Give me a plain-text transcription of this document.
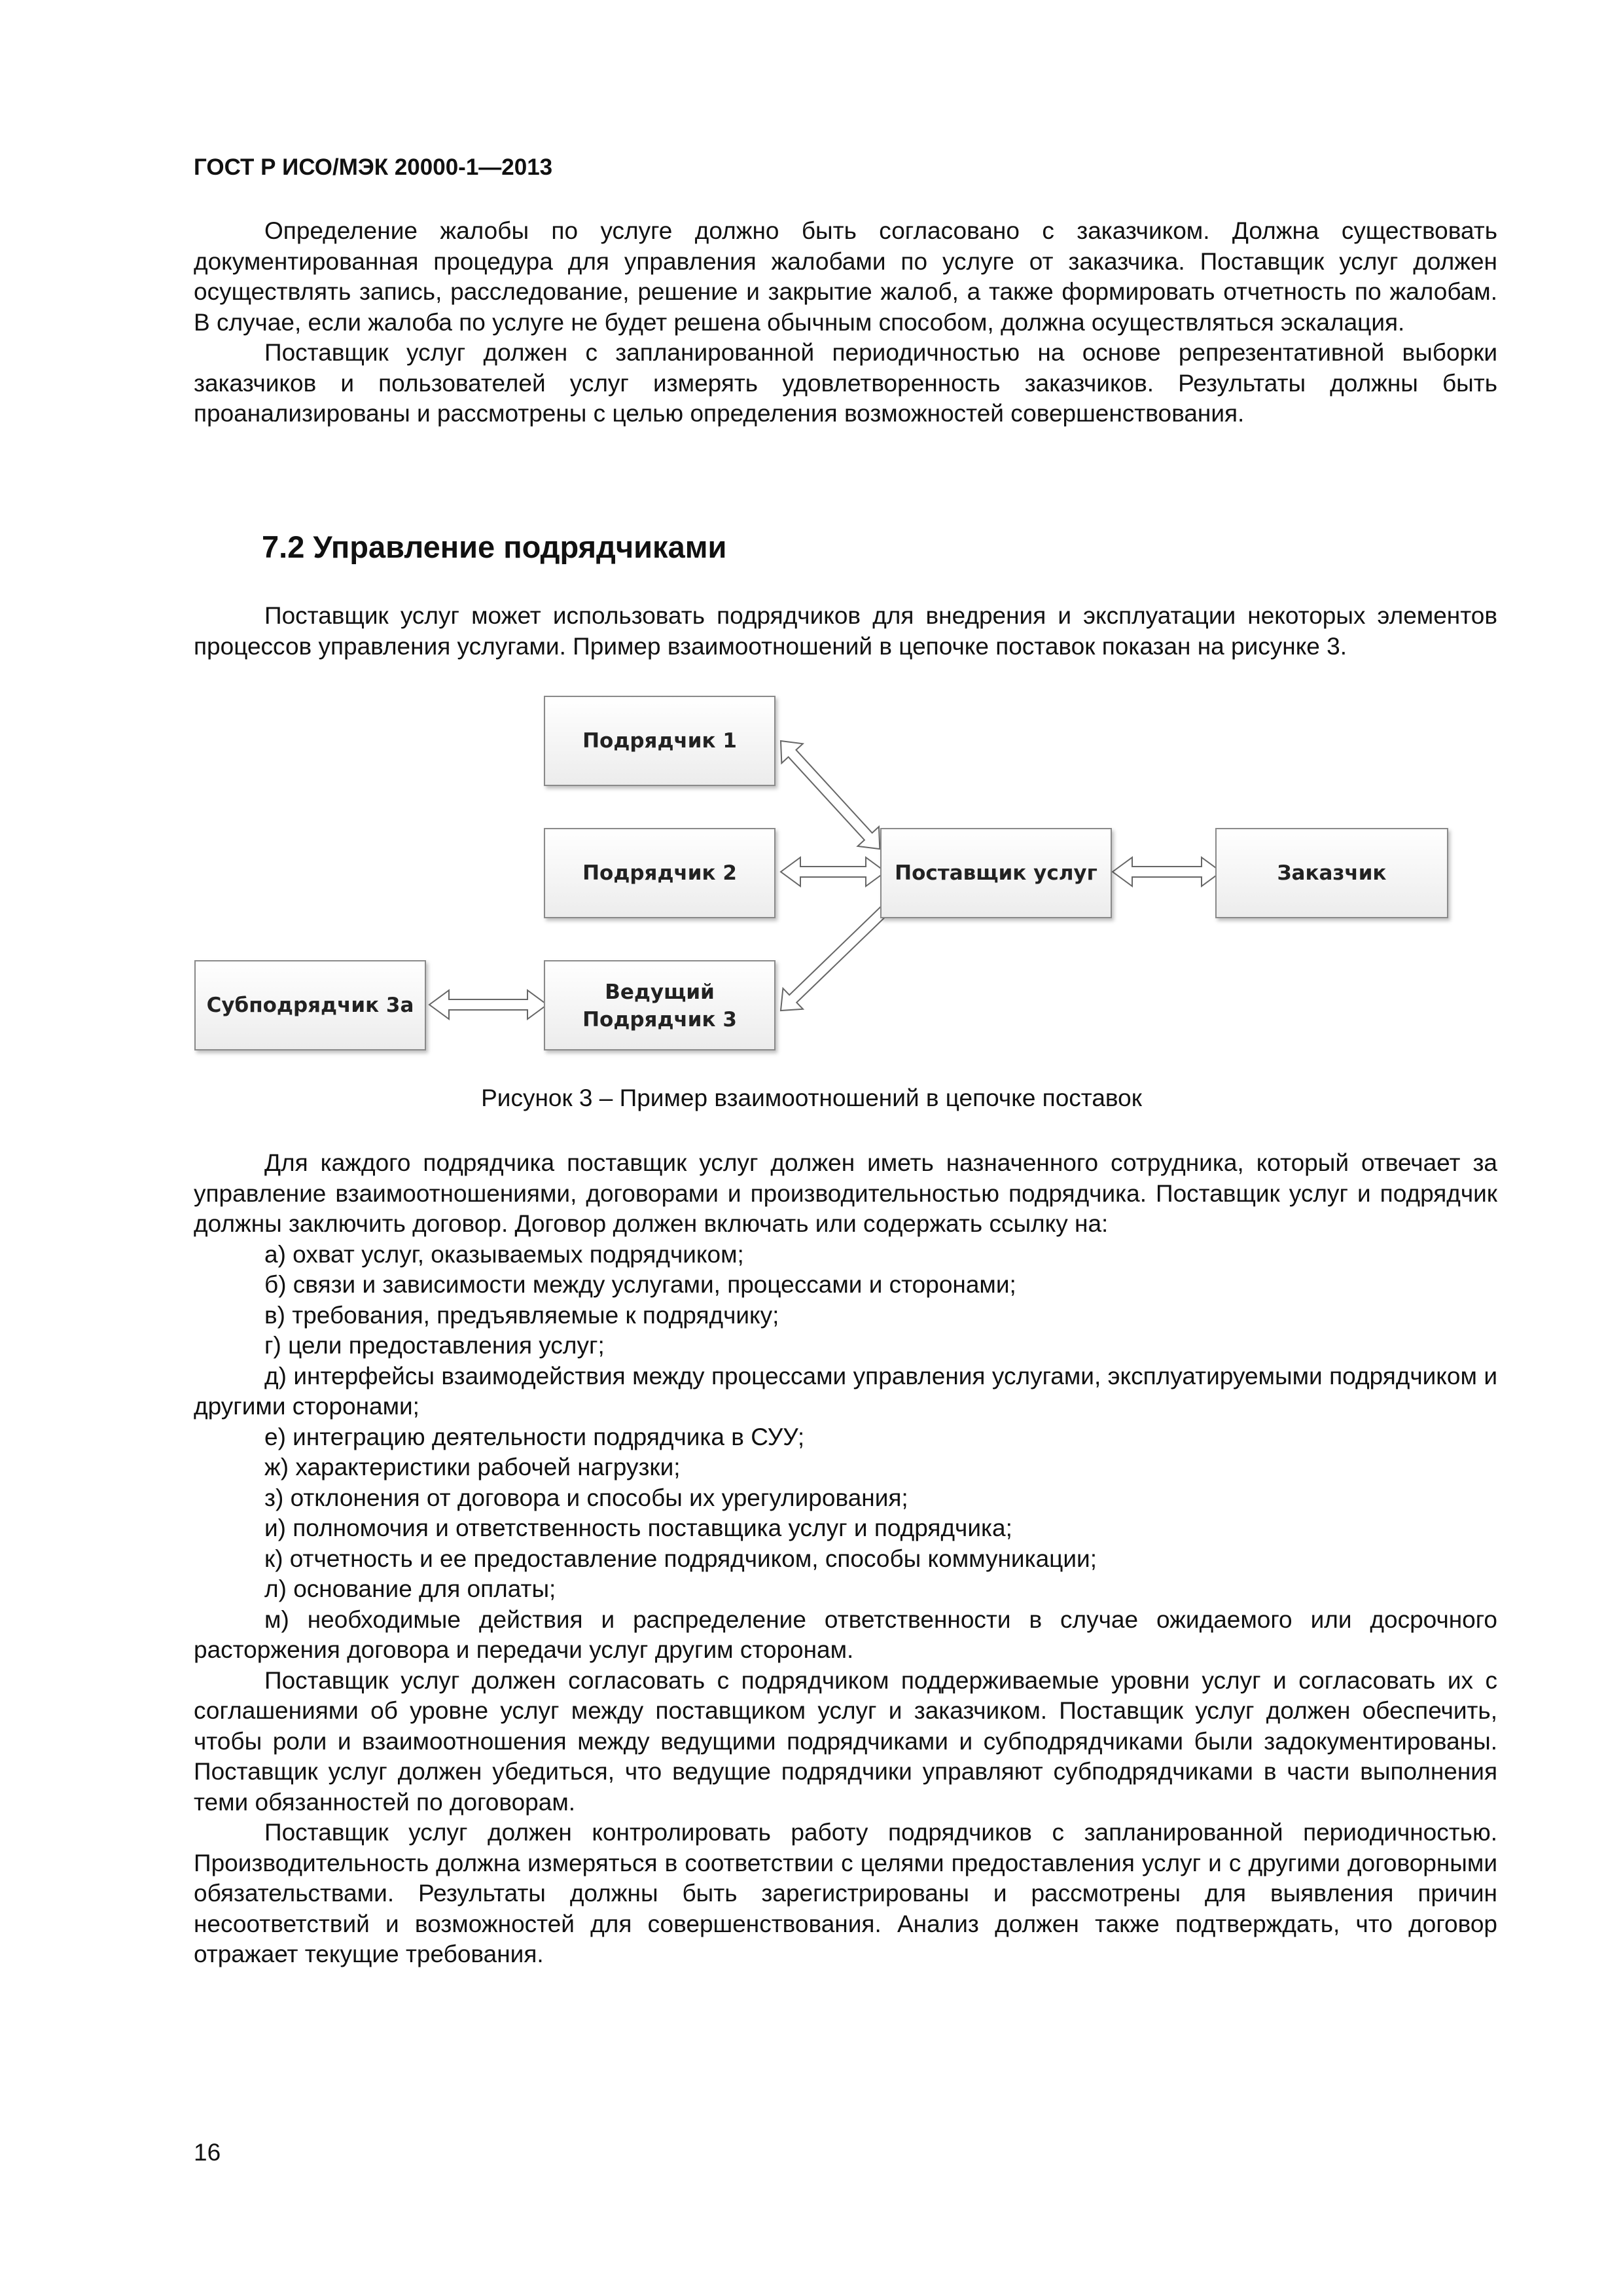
ГОСТ Р ИСО/МЭК 20000-1—2013

Определение жалобы по услуге должно быть согласовано с заказчиком. Должна существовать документированная процедура для управления жалобами по услуге от заказчика. Поставщик услуг должен осуществлять запись, расследование, решение и закрытие жалоб, а также формировать отчетность по жалобам. В случае, если жалоба по услуге не будет решена обычным способом, должна осуществляться эскалация.

Поставщик услуг должен с запланированной периодичностью на основе репрезентативной выборки заказчиков и пользователей услуг измерять удовлетворенность заказчиков. Результаты должны быть проанализированы и рассмотрены с целью определения возможностей совершенствования.

7.2 Управление подрядчиками

Поставщик услуг может использовать подрядчиков для внедрения и эксплуатации некоторых элементов процессов управления услугами. Пример взаимоотношений в цепочке поставок показан на рисунке 3.

Подрядчик 1
Подрядчик 2
Ведущий
Подрядчик 3
Субподрядчик 3а
Поставщик услуг	Заказчик
Рисунок 3 – Пример взаимоотношений в цепочке поставок

Для каждого подрядчика поставщик услуг должен иметь назначенного сотрудника, который отвечает за управление взаимоотношениями, договорами и производительностью подрядчика. Поставщик услуг и подрядчик должны заключить договор. Договор должен включать или содержать ссылку на:

а) охват услуг, оказываемых подрядчиком;

б) связи и зависимости между услугами, процессами и сторонами;

в) требования, предъявляемые к подрядчику;

г) цели предоставления услуг;

д) интерфейсы взаимодействия между процессами управления услугами, эксплуатируемыми подрядчиком и другими сторонами;

е) интеграцию деятельности подрядчика в СУУ;

ж) характеристики рабочей нагрузки;

з) отклонения от договора и способы их урегулирования;

и) полномочия и ответственность поставщика услуг и подрядчика;

к) отчетность и ее предоставление подрядчиком, способы коммуникации;

л) основание для оплаты;

м) необходимые действия и распределение ответственности в случае ожидаемого или досрочного расторжения договора и передачи услуг другим сторонам.

Поставщик услуг должен согласовать с подрядчиком поддерживаемые уровни услуг и согласовать их с соглашениями об уровне услуг между поставщиком услуг и заказчиком. Поставщик услуг должен обеспечить, чтобы роли и взаимоотношения между ведущими подрядчиками и субподрядчиками были задокументированы. Поставщик услуг должен убедиться, что ведущие подрядчики управляют субподрядчиками в части выполнения теми обязанностей по договорам.

Поставщик услуг должен контролировать работу подрядчиков с запланированной периодичностью. Производительность должна измеряться в соответствии с целями предоставления услуг и с другими договорными обязательствами. Результаты должны быть зарегистрированы и рассмотрены для выявления причин несоответствий и возможностей для совершенствования. Анализ должен также подтверждать, что договор отражает текущие требования.

16
